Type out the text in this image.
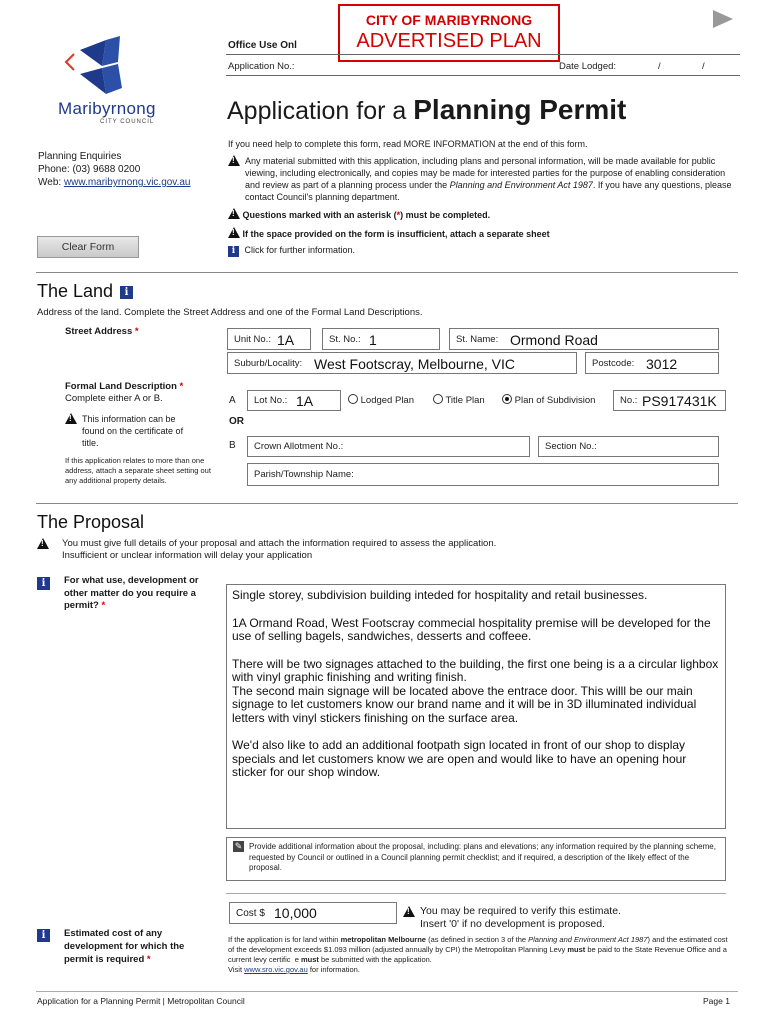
CITY OF MARIBYRNONG
ADVERTISED PLAN
Office Use Onl
Application No.:	Date Lodged:	/	/
Maribyrnong
CITY COUNCIL	Application for a Planning Permit
Planning Enquiries
Phone: (03) 9688 0200
Web: www.maribyrnong.vic.gov.au
If you need help to complete this form, read MORE INFORMATION at the end of this form.
!
Any material submitted with this application, including plans and personal information, will be made available for public viewing, including electronically, and copies may be made for interested parties for the purpose of enabling consideration and review as part of a planning process under the Planning and Environment Act 1987. If you have any questions, please contact Council's planning department.
! Questions marked with an asterisk (*) must be completed.
! If the space provided on the form is insufficient, attach a separate sheet
i Click for further information.
Clear Form
The Land i
Address of the land. Complete the Street Address and one of the Formal Land Descriptions.
Street Address *
Unit No.: 1A	St. No.: 1	St. Name: Ormond Road
Suburb/Locality: West Footscray, Melbourne, VIC	Postcode: 3012
Formal Land Description *
Complete either A or B.
!
This information can be found on the certificate of title.
If this application relates to more than one address, attach a separate sheet setting out any additional property details.
A Lot No.: 1A	Lodged Plan	Title Plan	Plan of Subdivision	No.: PS917431K
OR
B Crown Allotment No.:	Section No.:
Parish/Township Name:
The Proposal
!
You must give full details of your proposal and attach the information required to assess the application.
Insufficient or unclear information will delay your application
i	For what use, development or other matter do you require a permit? *
Single storey, subdivision building inteded for hospitality and retail businesses.
1A Ormand Road, West Footscray commecial hospitality premise will be developed for the use of selling bagels, sandwiches, desserts and coffeee.
There will be two signages attached to the building, the first one being is a a circular lighbox with vinyl graphic finishing and writing finish.
The second main signage will be located above the entrace door. This willl be our main signage to let customers know our brand name and it will be in 3D illuminated individual letters with vinyl stickers finishing on the surface area.
We'd also like to add an additional footpath sign located in front of our shop to display specials and let customers know we are open and would like to have an opening hour sticker for our shop window.
✎ Provide additional information about the proposal, including: plans and elevations; any information required by the planning scheme, requested by Council or outlined in a Council planning permit checklist; and if required, a description of the likely effect of the proposal.
i	Estimated cost of any development for which the permit is required *
Cost $ 10,000
!	You may be required to verify this estimate.
Insert '0' if no development is proposed.
If the application is for land within metropolitan Melbourne (as defined in section 3 of the Planning and Environment Act 1987) and the estimated cost of the development exceeds $1.093 million (adjusted annually by CPI) the Metropolitan Planning Levy must be paid to the State Revenue Office and a current levy certific e must be submitted with the application.
Visit www.sro.vic.gov.au for information.
Application for a Planning Permit | Metropolitan Council	Page 1
